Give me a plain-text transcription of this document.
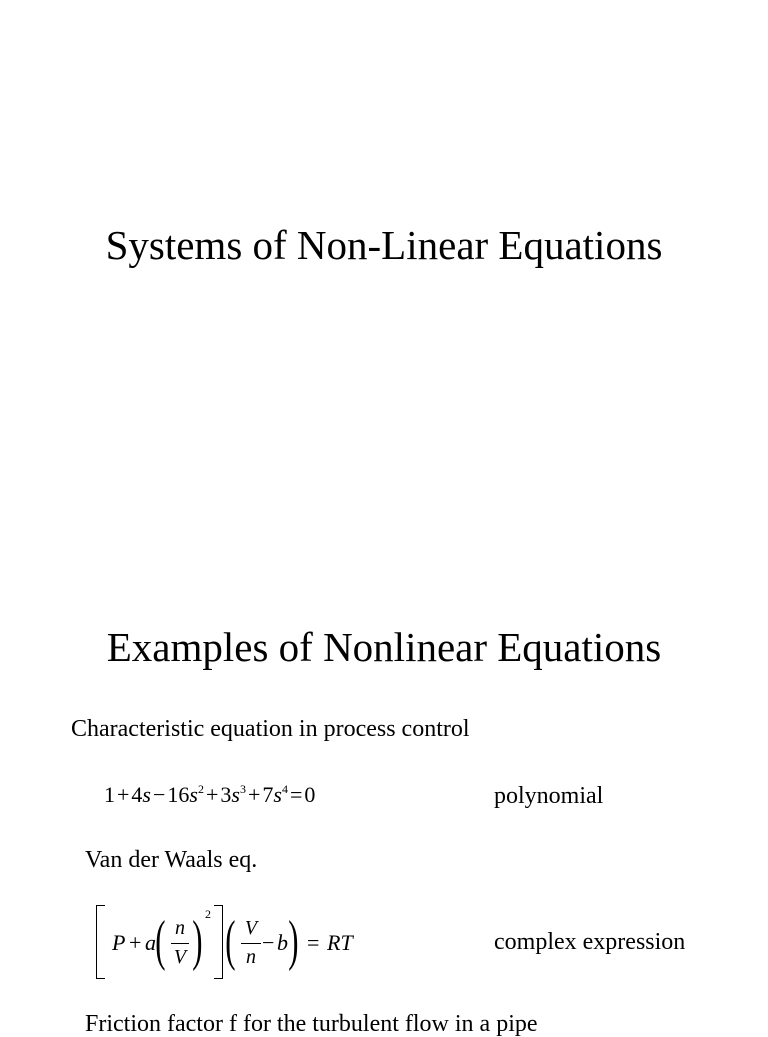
Systems of Non-Linear Equations
Examples of Nonlinear Equations
Characteristic equation in process control
$1+4s-16s^2+3s^3+7s^4=0$	polynomial
Van der Waals eq.
P + a ( n
V ) 2 ( V
n
− b ) = RT	complex expression
Friction factor f for the turbulent flow in a pipe
